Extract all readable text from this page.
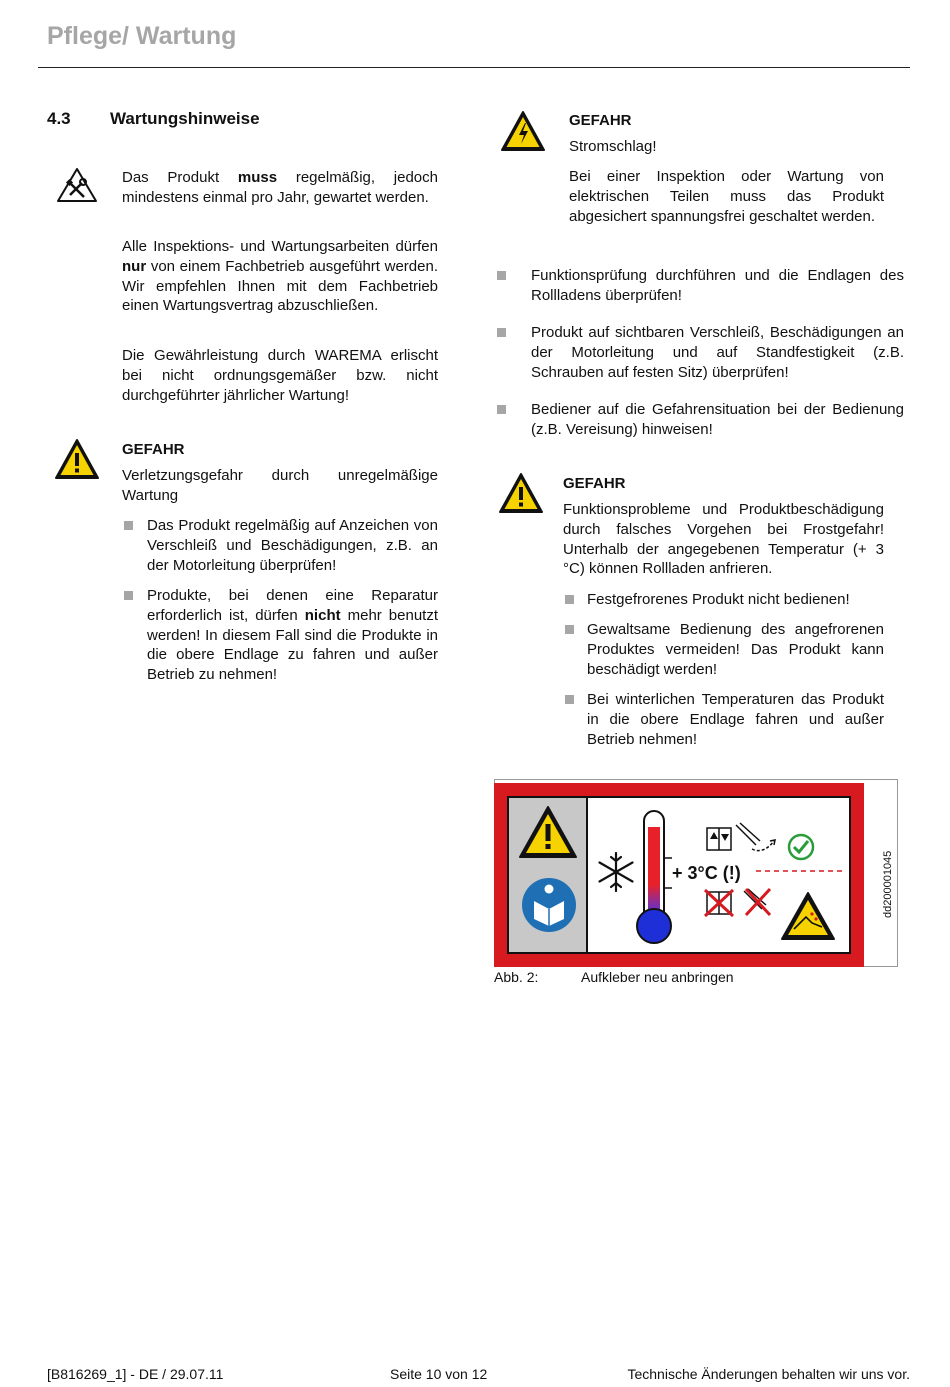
Pflege/ Wartung
4.3 Wartungshinweise

Das Produkt muss regelmäßig, jedoch mindestens einmal pro Jahr, gewartet werden.

Alle Inspektions- und Wartungsarbeiten dürfen nur von einem Fachbetrieb ausgeführt werden. Wir empfehlen Ihnen mit dem Fachbetrieb einen Wartungsvertrag abzuschließen.

Die Gewährleistung durch WAREMA erlischt bei nicht ordnungsgemäßer bzw. nicht durchgeführter jährlicher Wartung!

GEFAHR

Verletzungsgefahr durch unregelmäßige Wartung

Das Produkt regelmäßig auf Anzeichen von Verschleiß und Beschädigungen, z.B. an der Motorleitung überprüfen!
Produkte, bei denen eine Reparatur erforderlich ist, dürfen nicht mehr benutzt werden! In diesem Fall sind die Produkte in die obere Endlage zu fahren und außer Betrieb zu nehmen!
GEFAHR
Stromschlag!

Bei einer Inspektion oder Wartung von elektrischen Teilen muss das Produkt abgesichert spannungsfrei geschaltet werden.

Funktionsprüfung durchführen und die Endlagen des Rollladens überprüfen!
Produkt auf sichtbaren Verschleiß, Beschädigungen an der Motorleitung und auf Standfestigkeit (z.B. Schrauben auf festen Sitz) überprüfen!
Bediener auf die Gefahrensituation bei der Bedienung (z.B. Vereisung) hinweisen!
GEFAHR

Funktionsprobleme und Produktbeschädigung durch falsches Vorgehen bei Frostgefahr! Unterhalb der angegebenen Temperatur (+ 3 °C) können Rollladen anfrieren.

Festgefrorenes Produkt nicht bedienen!
Gewaltsame Bedienung des angefrorenen Produktes vermeiden! Das Produkt kann beschädigt werden!
Bei winterlichen Temperaturen das Produkt in die obere Endlage fahren und außer Betrieb nehmen!
+ 3°C (!)
Abb. 2:	Aufkleber neu anbringen
[B816269_1] - DE / 29.07.11	Seite 10 von 12	Technische Änderungen behalten wir uns vor.
